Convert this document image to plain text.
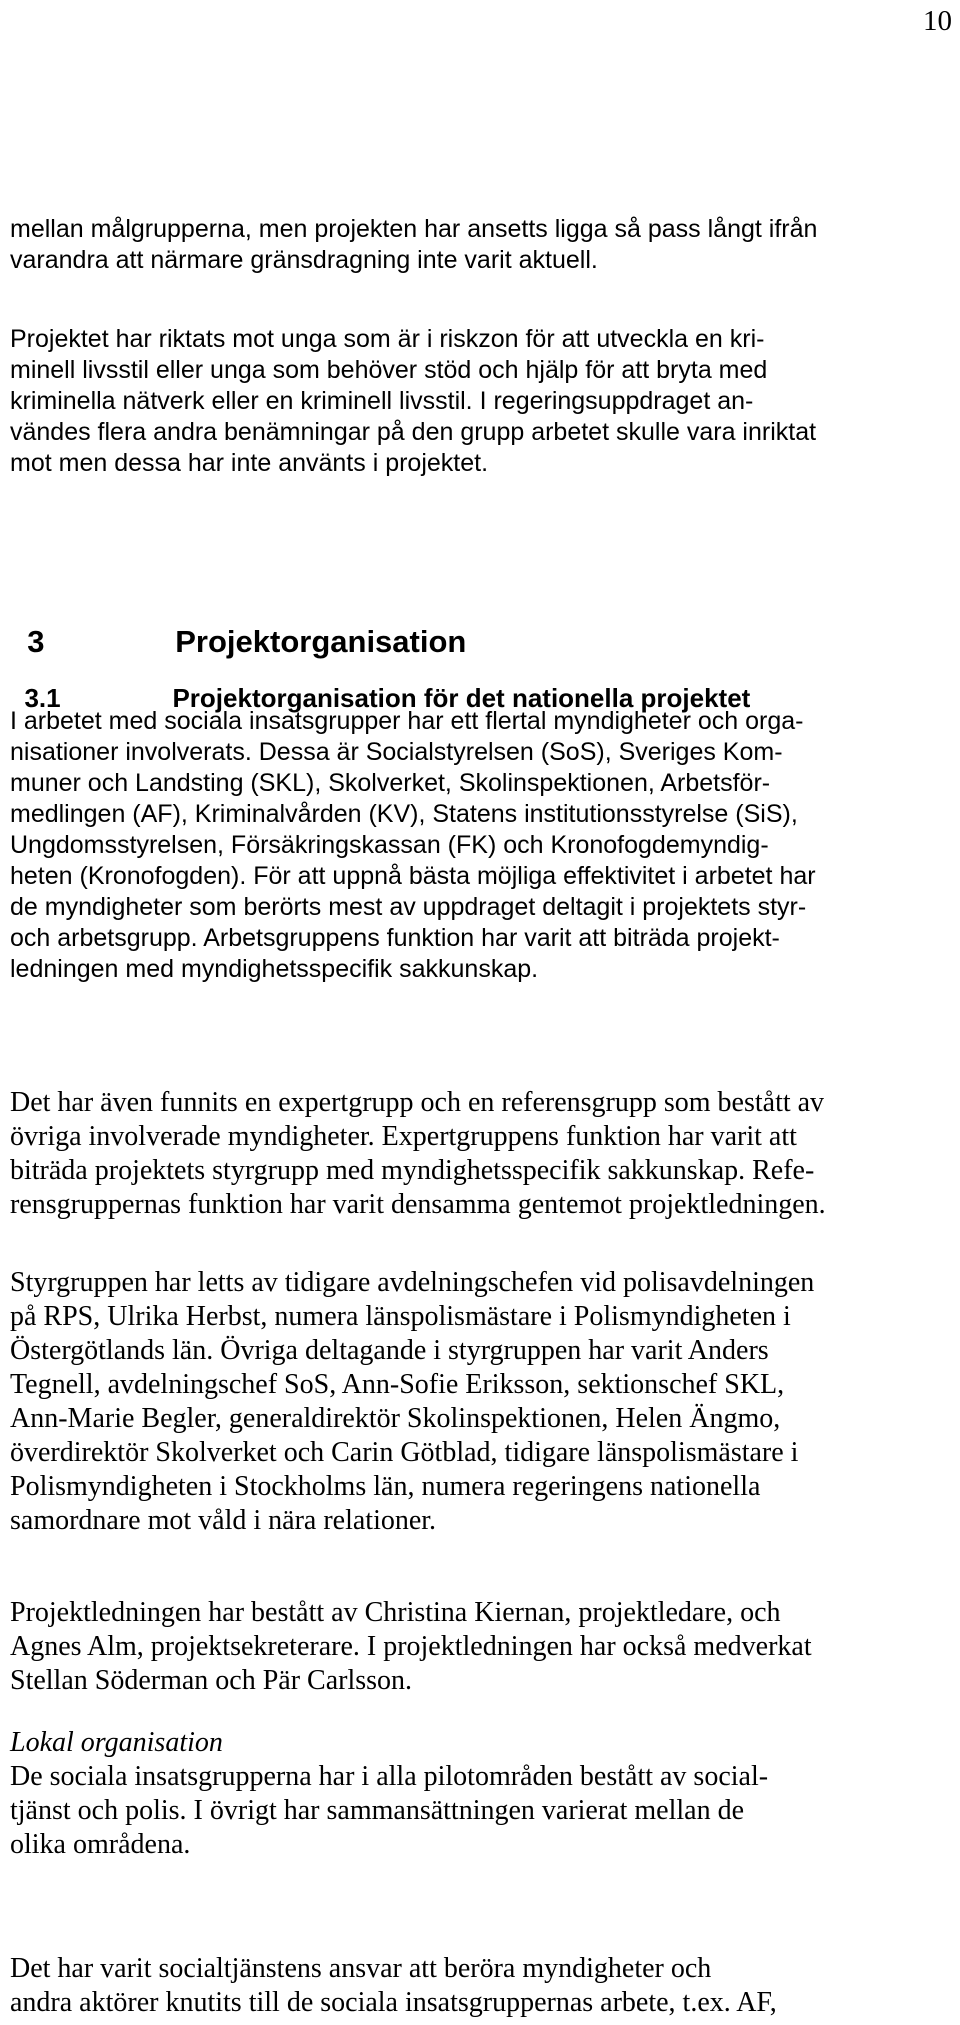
10
mellan målgrupperna, men projekten har ansetts ligga så pass långt ifrån
varandra att närmare gränsdragning inte varit aktuell.
Projektet har riktats mot unga som är i riskzon för att utveckla en kri-
minell livsstil eller unga som behöver stöd och hjälp för att bryta med
kriminella nätverk eller en kriminell livsstil. I regeringsuppdraget an-
vändes flera andra benämningar på den grupp arbetet skulle vara inriktat
mot men dessa har inte använts i projektet.

3	Projektorganisation

3.1	Projektorganisation för det nationella projektet

I arbetet med sociala insatsgrupper har ett flertal myndigheter och orga-
nisationer involverats. Dessa är Socialstyrelsen (SoS), Sveriges Kom-
muner och Landsting (SKL), Skolverket, Skolinspektionen, Arbetsför-
medlingen (AF), Kriminalvården (KV), Statens institutionsstyrelse (SiS),
Ungdomsstyrelsen, Försäkringskassan (FK) och Kronofogdemyndig-
heten (Kronofogden). För att uppnå bästa möjliga effektivitet i arbetet har
de myndigheter som berörts mest av uppdraget deltagit i projektets styr-
och arbetsgrupp. Arbetsgruppens funktion har varit att biträda projekt-
ledningen med myndighetsspecifik sakkunskap.
Det har även funnits en expertgrupp och en referensgrupp som bestått av
övriga involverade myndigheter. Expertgruppens funktion har varit att
biträda projektets styrgrupp med myndighetsspecifik sakkunskap. Refe-
rensgruppernas funktion har varit densamma gentemot projektledningen.
Styrgruppen har letts av tidigare avdelningschefen vid polisavdelningen
på RPS, Ulrika Herbst, numera länspolismästare i Polismyndigheten i
Östergötlands län. Övriga deltagande i styrgruppen har varit Anders
Tegnell, avdelningschef SoS, Ann-Sofie Eriksson, sektionschef SKL,
Ann-Marie Begler, generaldirektör Skolinspektionen, Helen Ängmo,
överdirektör Skolverket och Carin Götblad, tidigare länspolismästare i
Polismyndigheten i Stockholms län, numera regeringens nationella
samordnare mot våld i nära relationer.
Projektledningen har bestått av Christina Kiernan, projektledare, och
Agnes Alm, projektsekreterare. I projektledningen har också medverkat
Stellan Söderman och Pär Carlsson.
Lokal organisation
De sociala insatsgrupperna har i alla pilotområden bestått av social-
tjänst och polis. I övrigt har sammansättningen varierat mellan de
olika områdena.
Det har varit socialtjänstens ansvar att beröra myndigheter och
andra aktörer knutits till de sociala insatsgruppernas arbete, t.ex. AF,
